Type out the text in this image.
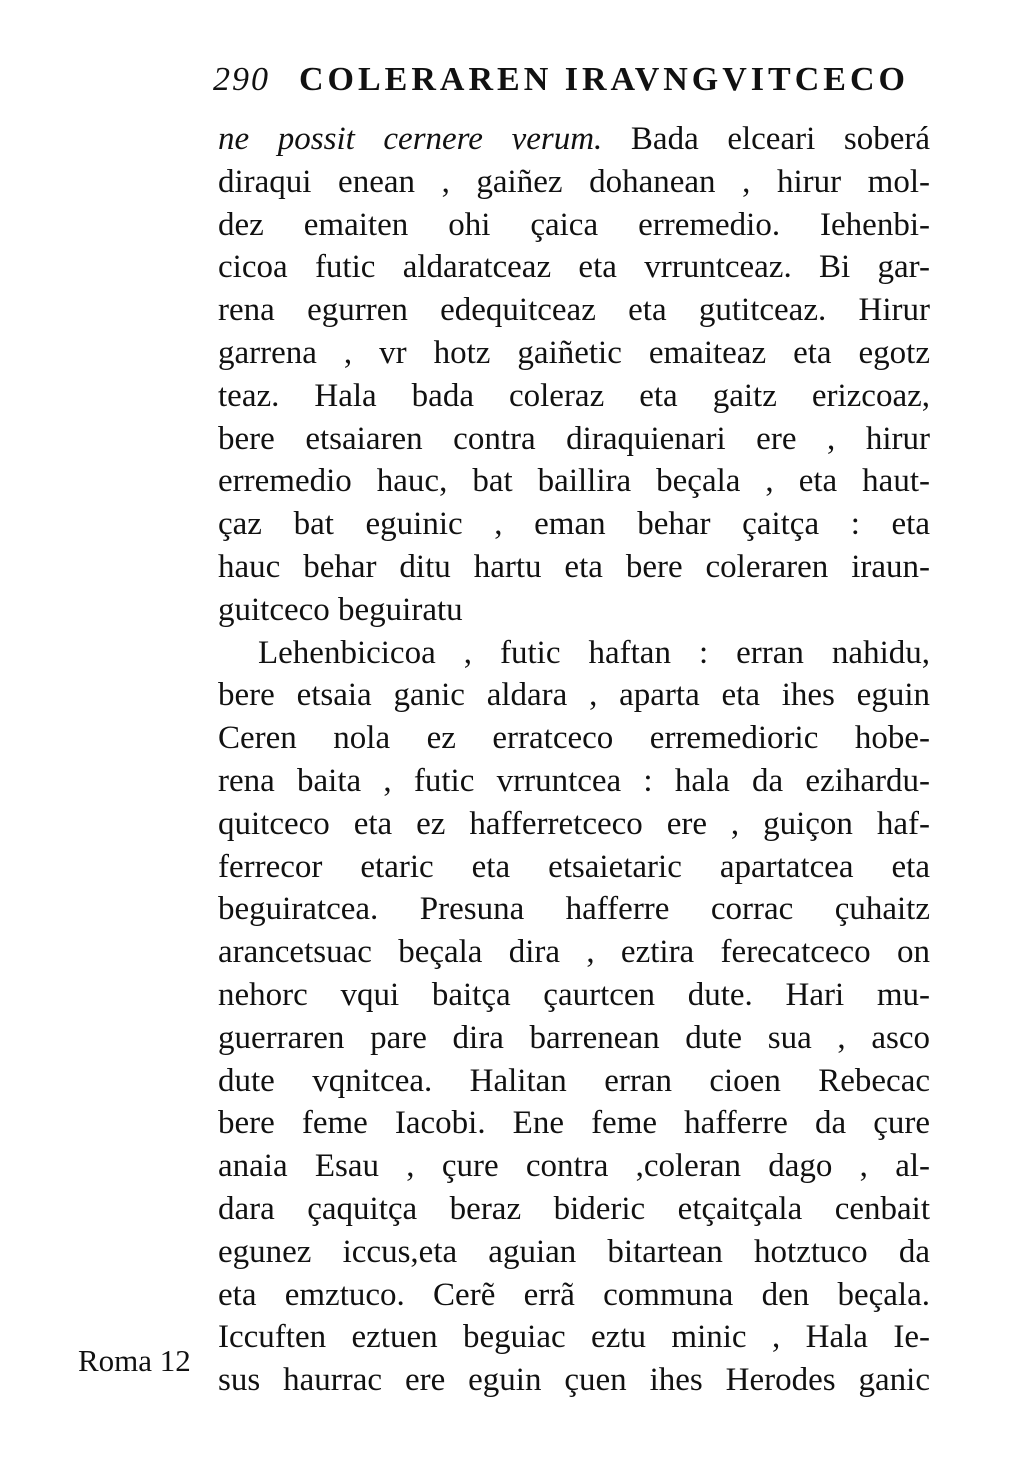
290 COLERAREN IRAVNGVITCECO
ne possit cernere verum. Bada elceari soberá
diraqui enean , gaiñez dohanean , hirur mol-
dez emaiten ohi çaica erremedio. Iehenbi-
cicoa futic aldaratceaz eta vrruntceaz. Bi gar-
rena egurren edequitceaz eta gutitceaz. Hirur
garrena , vr hotz gaiñetic emaiteaz eta egotz
teaz. Hala bada coleraz eta gaitz erizcoaz,
bere etsaiaren contra diraquienari ere , hirur
erremedio hauc, bat baillira beçala , eta haut-
çaz bat eguinic , eman behar çaitça : eta
hauc behar ditu hartu eta bere coleraren iraun-
guitceco beguiratu
Lehenbicicoa , futic haftan : erran nahidu,
bere etsaia ganic aldara , aparta eta ihes eguin
Ceren nola ez erratceco erremedioric hobe-
rena baita , futic vrruntcea : hala da ezihardu-
quitceco eta ez hafferretceco ere , guiçon haf-
ferrecor etaric eta etsaietaric apartatcea eta
beguiratcea. Presuna hafferre corrac çuhaitz
arancetsuac beçala dira , eztira ferecatceco on
nehorc vqui baitça çaurtcen dute. Hari mu-
guerraren pare dira barrenean dute sua , asco
dute vqnitcea. Halitan erran cioen Rebecac
bere feme Iacobi. Ene feme hafferre da çure
anaia Esau , çure contra ,coleran dago , al-
dara çaquitça beraz bideric etçaitçala cenbait
egunez iccus,eta aguian bitartean hotztuco da
eta emztuco. Cerẽ errã communa den beçala.
Iccuften eztuen beguiac eztu minic , Hala Ie-
sus haurrac ere eguin çuen ihes Herodes ganic
Roma 12
